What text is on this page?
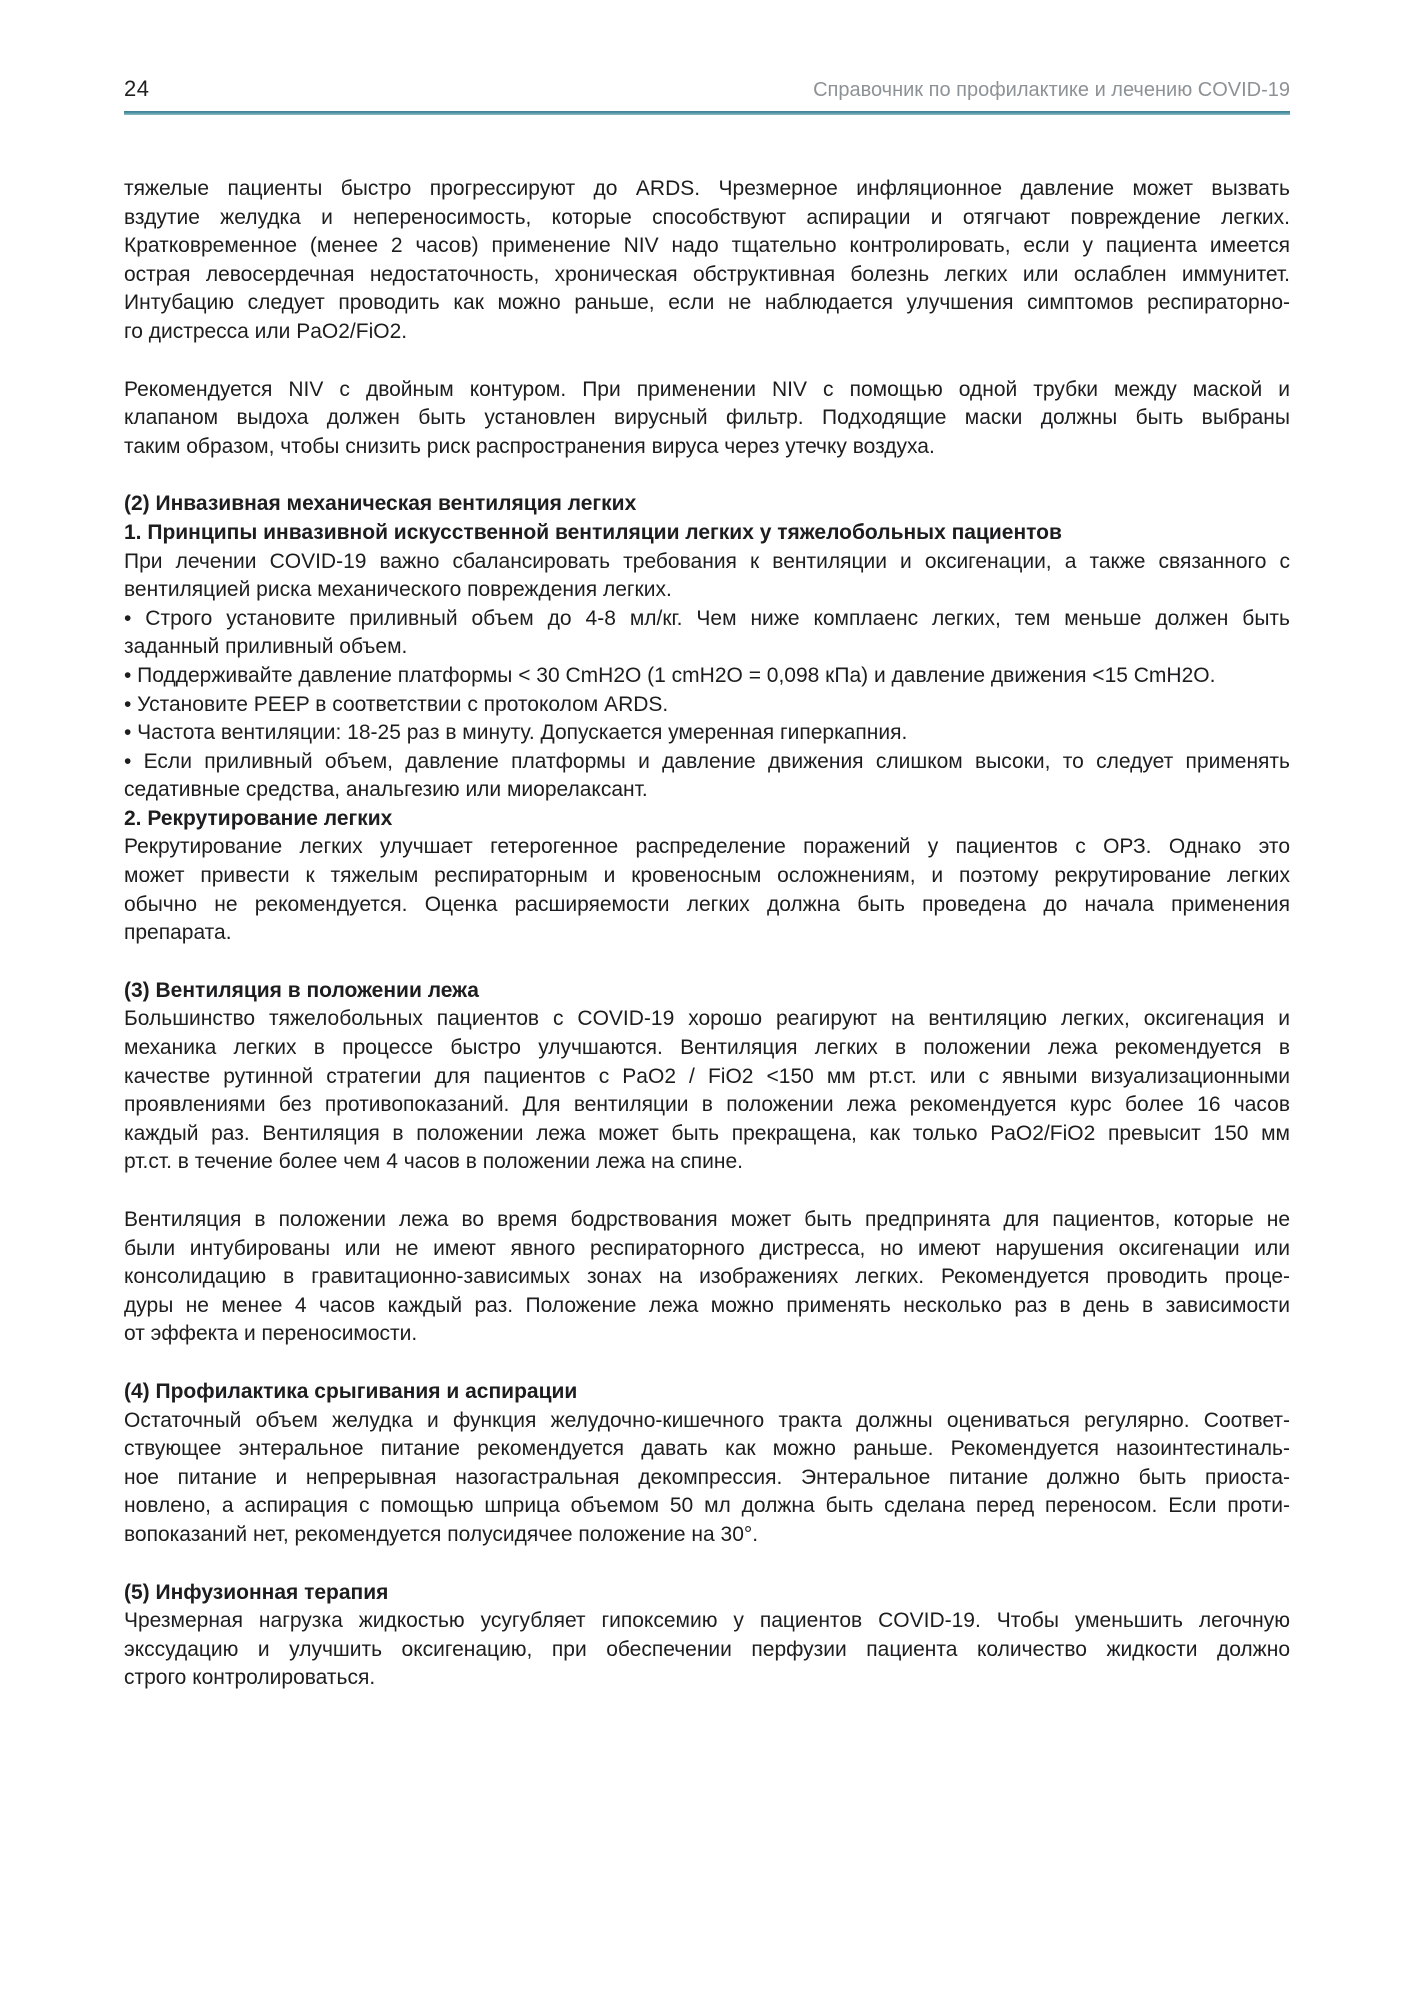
24	Справочник по профилактике и лечению COVID-19
тяжелые пациенты быстро прогрессируют до ARDS. Чрезмерное инфляционное давление может вызвать
вздутие желудка и непереносимость, которые способствуют аспирации и отягчают повреждение легких.
Кратковременное (менее 2 часов) применение NIV надо тщательно контролировать, если у пациента имеется
острая левосердечная недостаточность, хроническая обструктивная болезнь легких или ослаблен иммунитет.
Интубацию следует проводить как можно раньше, если не наблюдается улучшения симптомов респираторно-
го дистресса или PaO2/FiO2.
Рекомендуется NIV с двойным контуром. При применении NIV с помощью одной трубки между маской и
клапаном выдоха должен быть установлен вирусный фильтр. Подходящие маски должны быть выбраны
таким образом, чтобы снизить риск распространения вируса через утечку воздуха.
(2) Инвазивная механическая вентиляция легких
1. Принципы инвазивной искусственной вентиляции легких у тяжелобольных пациентов
При лечении COVID-19 важно сбалансировать требования к вентиляции и оксигенации, а также связанного с
вентиляцией риска механического повреждения легких.
• Строго установите приливный объем до 4-8 мл/кг. Чем ниже комплаенс легких, тем меньше должен быть
заданный приливный объем.
• Поддерживайте давление платформы < 30 CmH2O (1 cmH2O = 0,098 кПа) и давление движения <15 CmH2O.
• Установите PEEP в соответствии с протоколом ARDS.
• Частота вентиляции: 18-25 раз в минуту. Допускается умеренная гиперкапния.
• Если приливный объем, давление платформы и давление движения слишком высоки, то следует применять
седативные средства, анальгезию или миорелаксант.
2. Рекрутирование легких
Рекрутирование легких улучшает гетерогенное распределение поражений у пациентов с ОРЗ. Однако это
может привести к тяжелым респираторным и кровеносным осложнениям, и поэтому рекрутирование легких
обычно не рекомендуется. Оценка расширяемости легких должна быть проведена до начала применения
препарата.
(3) Вентиляция в положении лежа
Большинство тяжелобольных пациентов с COVID-19 хорошо реагируют на вентиляцию легких, оксигенация и
механика легких в процессе быстро улучшаются. Вентиляция легких в положении лежа рекомендуется в
качестве рутинной стратегии для пациентов с PaO2 / FiO2 <150 мм рт.ст. или с явными визуализационными
проявлениями без противопоказаний. Для вентиляции в положении лежа рекомендуется курс более 16 часов
каждый раз. Вентиляция в положении лежа может быть прекращена, как только PaO2/FiO2 превысит 150 мм
рт.ст. в течение более чем 4 часов в положении лежа на спине.
Вентиляция в положении лежа во время бодрствования может быть предпринята для пациентов, которые не
были интубированы или не имеют явного респираторного дистресса, но имеют нарушения оксигенации или
консолидацию в гравитационно-зависимых зонах на изображениях легких. Рекомендуется проводить проце-
дуры не менее 4 часов каждый раз. Положение лежа можно применять несколько раз в день в зависимости
от эффекта и переносимости.
(4) Профилактика срыгивания и аспирации
Остаточный объем желудка и функция желудочно-кишечного тракта должны оцениваться регулярно. Соответ-
ствующее энтеральное питание рекомендуется давать как можно раньше. Рекомендуется назоинтестиналь-
ное питание и непрерывная назогастральная декомпрессия. Энтеральное питание должно быть приоста-
новлено, а аспирация с помощью шприца объемом 50 мл должна быть сделана перед переносом. Если проти-
вопоказаний нет, рекомендуется полусидячее положение на 30°.
(5) Инфузионная терапия
Чрезмерная нагрузка жидкостью усугубляет гипоксемию у пациентов COVID-19. Чтобы уменьшить легочную
экссудацию и улучшить оксигенацию, при обеспечении перфузии пациента количество жидкости должно
строго контролироваться.
